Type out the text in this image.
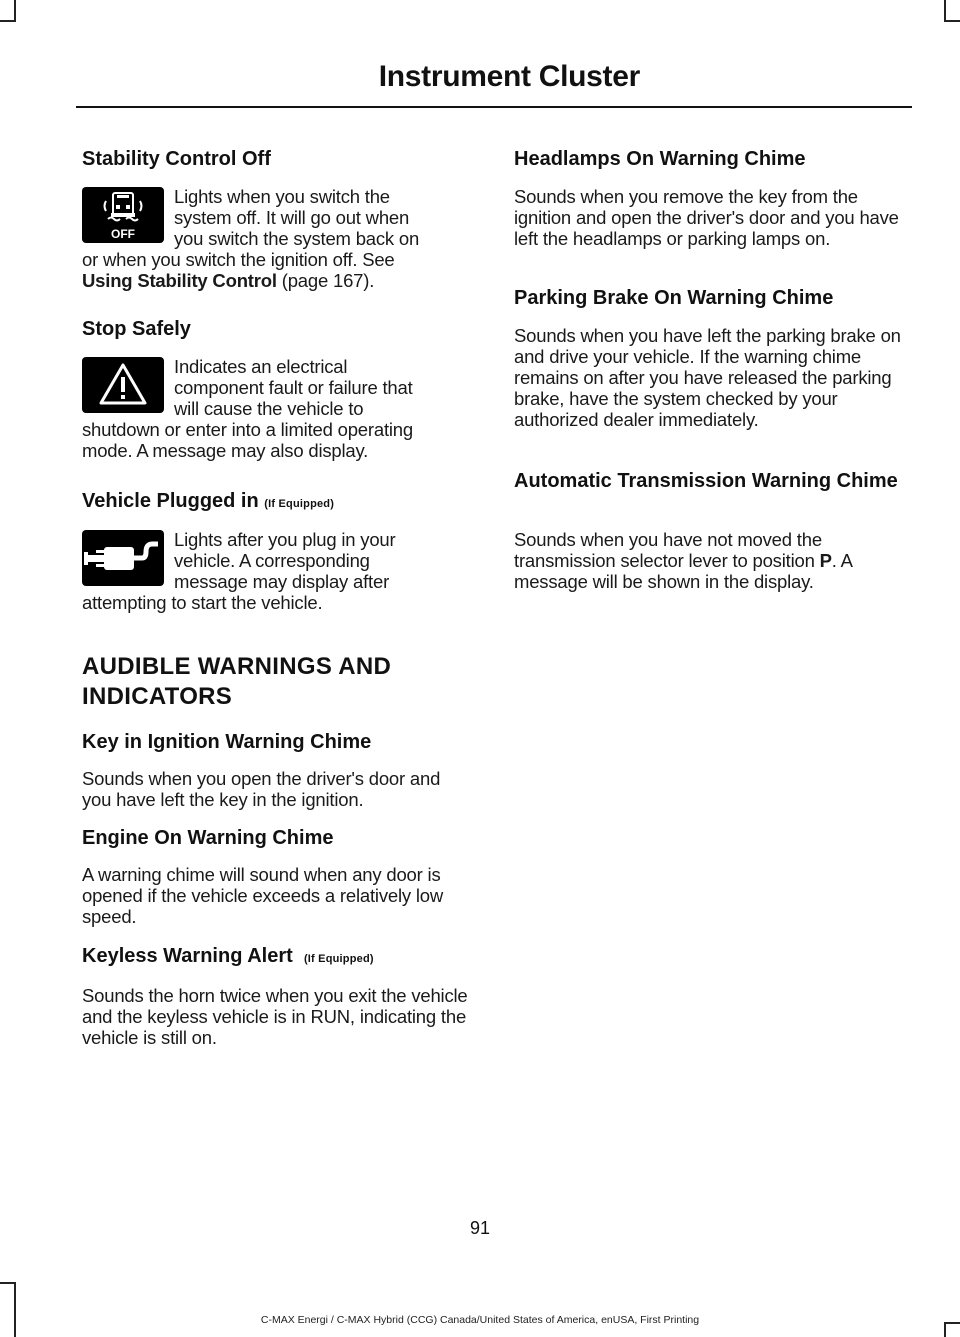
Instrument Cluster
Stability Control Off
OFF
Lights when you switch the
system off. It will go out when
you switch the system back on
or when you switch the ignition off. See
Using Stability Control (page 167).
Stop Safely
Indicates an electrical
component fault or failure that
will cause the vehicle to
shutdown or enter into a limited operating
mode. A message may also display.
Vehicle Plugged in (If Equipped)
Lights after you plug in your
vehicle. A corresponding
message may display after
attempting to start the vehicle.
AUDIBLE WARNINGS AND
INDICATORS
Key in Ignition Warning Chime
Sounds when you open the driver's door and you have left the key in the ignition.
Engine On Warning Chime
A warning chime will sound when any door is opened if the vehicle exceeds a relatively low speed.
Keyless Warning Alert (If Equipped)
Sounds the horn twice when you exit the vehicle and the keyless vehicle is in RUN, indicating the vehicle is still on.
Headlamps On Warning Chime
Sounds when you remove the key from the ignition and open the driver's door and you have left the headlamps or parking lamps on.
Parking Brake On Warning Chime
Sounds when you have left the parking brake on and drive your vehicle. If the warning chime remains on after you have released the parking brake, have the system checked by your authorized dealer immediately.
Automatic Transmission Warning Chime
Sounds when you have not moved the transmission selector lever to position P. A message will be shown in the display.
91
C-MAX Energi / C-MAX Hybrid (CCG) Canada/United States of America, enUSA, First Printing
